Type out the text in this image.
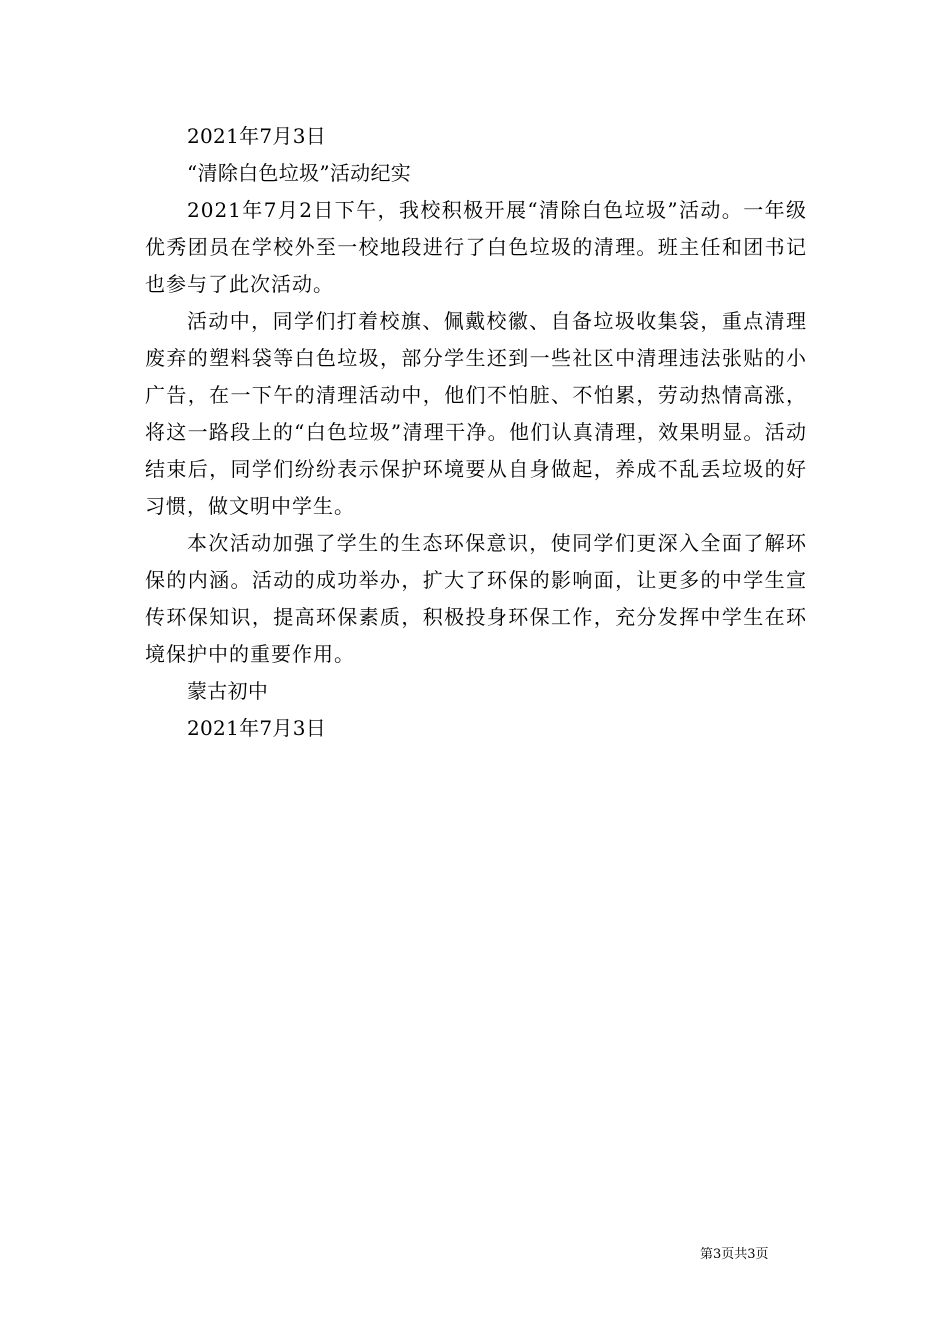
2021年7月3日
“清除白色垃圾”活动纪实

2021年7月2日下午，我校积极开展“清除白色垃圾”活动。一年级优秀团员在学校外至一校地段进行了白色垃圾的清理。班主任和团书记也参与了此次活动。

活动中，同学们打着校旗、佩戴校徽、自备垃圾收集袋，重点清理废弃的塑料袋等白色垃圾，部分学生还到一些社区中清理违法张贴的小广告，在一下午的清理活动中，他们不怕脏、不怕累，劳动热情高涨，将这一路段上的“白色垃圾”清理干净。他们认真清理，效果明显。活动结束后，同学们纷纷表示保护环境要从自身做起，养成不乱丢垃圾的好习惯，做文明中学生。

本次活动加强了学生的生态环保意识，使同学们更深入全面了解环保的内涵。活动的成功举办，扩大了环保的影响面，让更多的中学生宣传环保知识，提高环保素质，积极投身环保工作，充分发挥中学生在环境保护中的重要作用。

蒙古初中
2021年7月3日
第3页共3页
